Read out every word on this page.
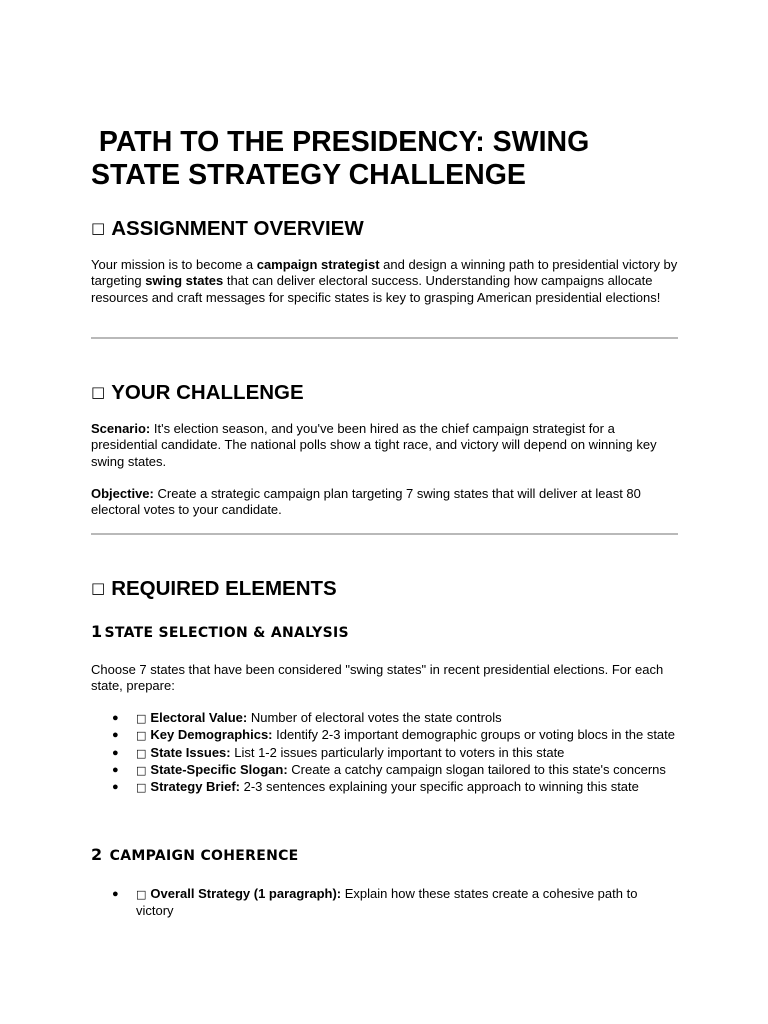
PATH TO THE PRESIDENCY: SWING STATE STRATEGY CHALLENGE
□ ASSIGNMENT OVERVIEW

Your mission is to become a campaign strategist and design a winning path to presidential victory by targeting swing states that can deliver electoral success. Understanding how campaigns allocate resources and craft messages for specific states is key to grasping American presidential elections!

□ YOUR CHALLENGE

Scenario: It's election season, and you've been hired as the chief campaign strategist for a presidential candidate. The national polls show a tight race, and victory will depend on winning key swing states.

Objective: Create a strategic campaign plan targeting 7 swing states that will deliver at least 80 electoral votes to your candidate.

□ REQUIRED ELEMENTS
1 STATE SELECTION & ANALYSIS

Choose 7 states that have been considered "swing states" in recent presidential elections. For each state, prepare:

● □ Electoral Value: Number of electoral votes the state controls
● □ Key Demographics: Identify 2-3 important demographic groups or voting blocs in the state
● □ State Issues: List 1-2 issues particularly important to voters in this state
● □ State-Specific Slogan: Create a catchy campaign slogan tailored to this state's concerns
● □ Strategy Brief: 2-3 sentences explaining your specific approach to winning this state
2 CAMPAIGN COHERENCE
● □ Overall Strategy (1 paragraph): Explain how these states create a cohesive path to victory
